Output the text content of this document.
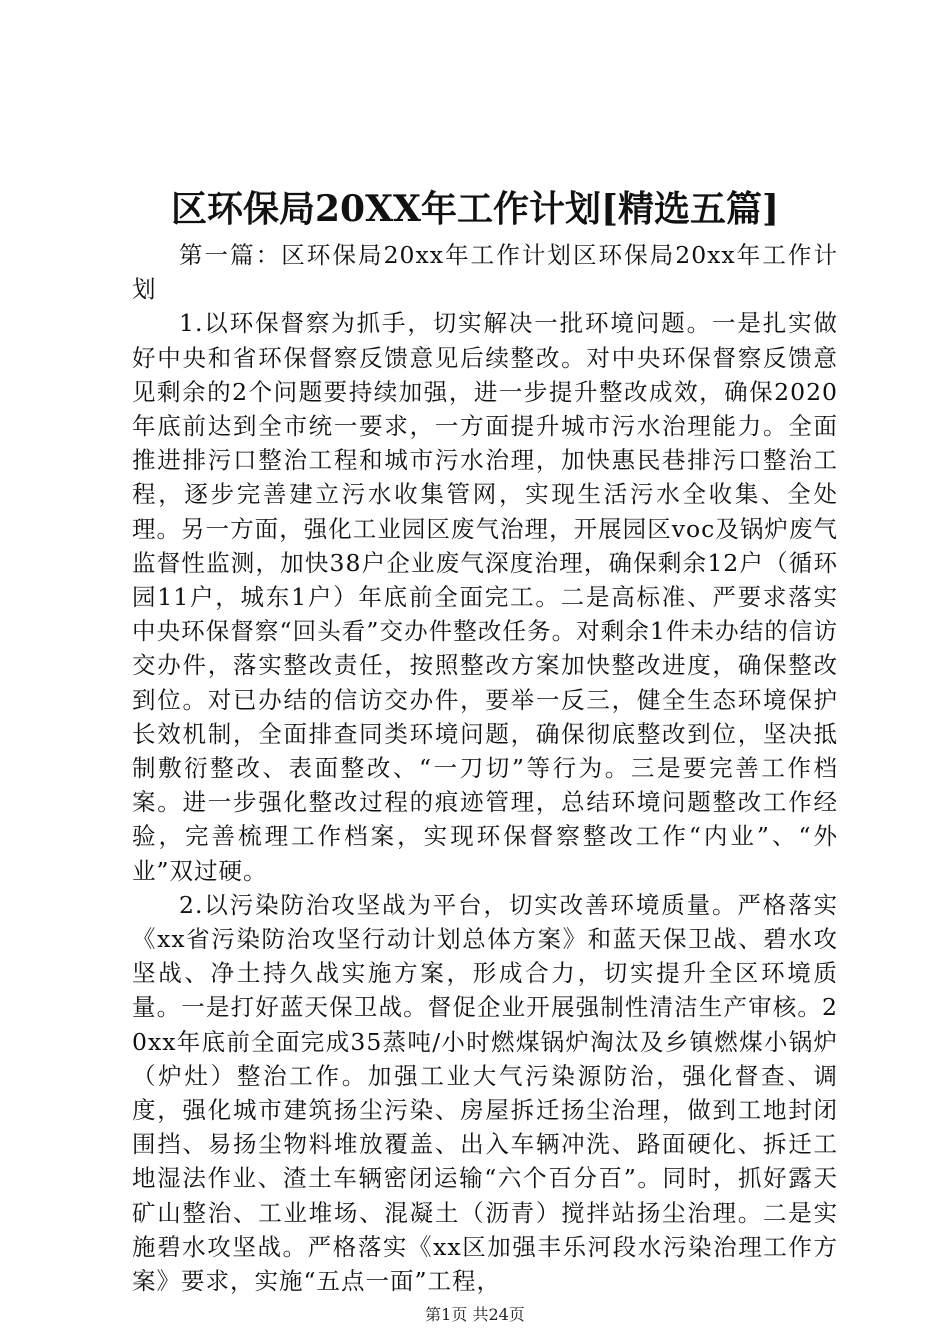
区环保局20XX年工作计划[精选五篇]

第一篇：区环保局20xx年工作计划区环保局20xx年工作计划

1.以环保督察为抓手，切实解决一批环境问题。一是扎实做好中央和省环保督察反馈意见后续整改。对中央环保督察反馈意见剩余的2个问题要持续加强，进一步提升整改成效，确保2020年底前达到全市统一要求，一方面提升城市污水治理能力。全面推进排污口整治工程和城市污水治理，加快惠民巷排污口整治工程，逐步完善建立污水收集管网，实现生活污水全收集、全处理。另一方面，强化工业园区废气治理，开展园区voc及锅炉废气监督性监测，加快38户企业废气深度治理，确保剩余12户（循环园11户，城东1户）年底前全面完工。二是高标准、严要求落实中央环保督察“回头看”交办件整改任务。对剩余1件未办结的信访交办件，落实整改责任，按照整改方案加快整改进度，确保整改到位。对已办结的信访交办件，要举一反三，健全生态环境保护长效机制，全面排查同类环境问题，确保彻底整改到位，坚决抵制敷衍整改、表面整改、“一刀切”等行为。三是要完善工作档案。进一步强化整改过程的痕迹管理，总结环境问题整改工作经验，完善梳理工作档案，实现环保督察整改工作“内业”、“外业”双过硬。

2.以污染防治攻坚战为平台，切实改善环境质量。严格落实《xx省污染防治攻坚行动计划总体方案》和蓝天保卫战、碧水攻坚战、净土持久战实施方案，形成合力，切实提升全区环境质量。一是打好蓝天保卫战。督促企业开展强制性清洁生产审核。20xx年底前全面完成35蒸吨/小时燃煤锅炉淘汰及乡镇燃煤小锅炉（炉灶）整治工作。加强工业大气污染源防治，强化督查、调度，强化城市建筑扬尘污染、房屋拆迁扬尘治理，做到工地封闭围挡、易扬尘物料堆放覆盖、出入车辆冲洗、路面硬化、拆迁工地湿法作业、渣土车辆密闭运输“六个百分百”。同时，抓好露天矿山整治、工业堆场、混凝土（沥青）搅拌站扬尘治理。二是实施碧水攻坚战。严格落实《xx区加强丰乐河段水污染治理工作方案》要求，实施“五点一面”工程，

第1页 共24页
